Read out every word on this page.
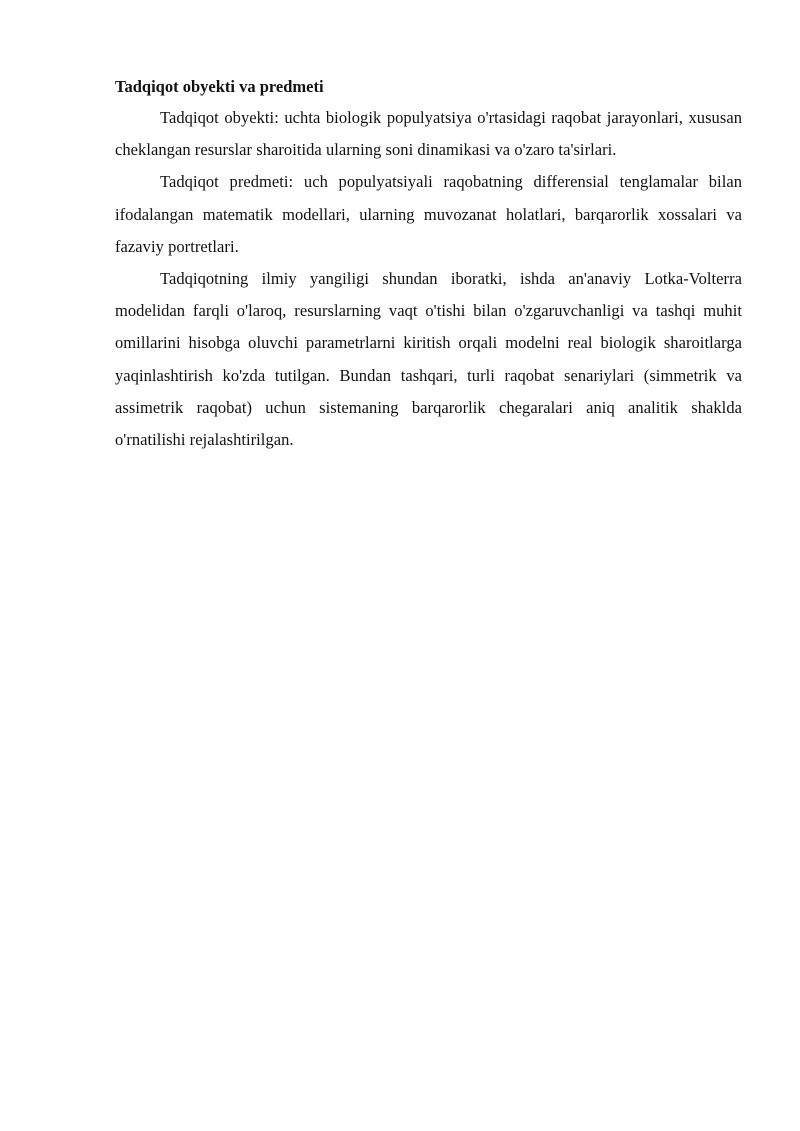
Tadqiqot obyekti va predmeti

Tadqiqot obyekti: uchta biologik populyatsiya o'rtasidagi raqobat jarayonlari, xususan cheklangan resurslar sharoitida ularning soni dinamikasi va o'zaro ta'sirlari.

Tadqiqot predmeti: uch populyatsiyali raqobatning differensial tenglamalar bilan ifodalangan matematik modellari, ularning muvozanat holatlari, barqarorlik xossalari va fazaviy portretlari.

Tadqiqotning ilmiy yangiligi shundan iboratki, ishda an'anaviy Lotka-Volterra modelidan farqli o'laroq, resurslarning vaqt o'tishi bilan o'zgaruvchanligi va tashqi muhit omillarini hisobga oluvchi parametrlarni kiritish orqali modelni real biologik sharoitlarga yaqinlashtirish ko'zda tutilgan. Bundan tashqari, turli raqobat senariylari (simmetrik va assimetrik raqobat) uchun sistemaning barqarorlik chegaralari aniq analitik shaklda o'rnatilishi rejalashtirilgan.
